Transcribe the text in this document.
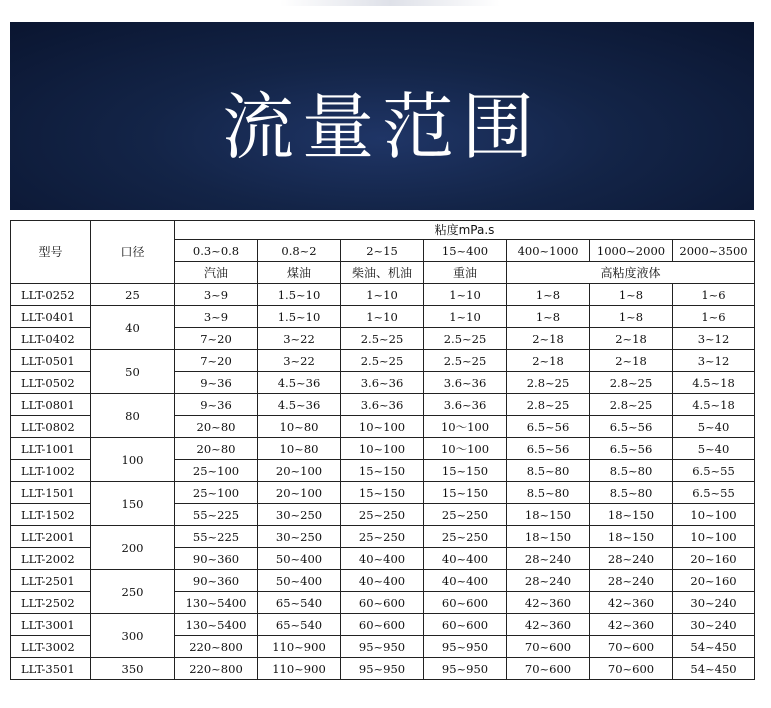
流量范围
型号	口径	粘度mPa.s						
		0.3~0.8	0.8~2	2~15	15~400	400~1000	1000~2000	2000~3500
		汽油	煤油	柴油、机油	重油	高粘度液体		
LLT-0252	25	3~9	1.5~10	1~10	1~10	1~8	1~8	1~6
LLT-0401	40	3~9	1.5~10	1~10	1~10	1~8	1~8	1~6
LLT-0402		7~20	3~22	2.5~25	2.5~25	2~18	2~18	3~12
LLT-0501	50	7~20	3~22	2.5~25	2.5~25	2~18	2~18	3~12
LLT-0502		9~36	4.5~36	3.6~36	3.6~36	2.8~25	2.8~25	4.5~18
LLT-0801	80	9~36	4.5~36	3.6~36	3.6~36	2.8~25	2.8~25	4.5~18
LLT-0802		20~80	10~80	10~100	10～100	6.5~56	6.5~56	5~40
LLT-1001	100	20~80	10~80	10~100	10～100	6.5~56	6.5~56	5~40
LLT-1002		25~100	20~100	15~150	15~150	8.5~80	8.5~80	6.5~55
LLT-1501	150	25~100	20~100	15~150	15~150	8.5~80	8.5~80	6.5~55
LLT-1502		55~225	30~250	25~250	25~250	18~150	18~150	10~100
LLT-2001	200	55~225	30~250	25~250	25~250	18~150	18~150	10~100
LLT-2002		90~360	50~400	40~400	40~400	28~240	28~240	20~160
LLT-2501	250	90~360	50~400	40~400	40~400	28~240	28~240	20~160
LLT-2502		130~5400	65~540	60~600	60~600	42~360	42~360	30~240
LLT-3001	300	130~5400	65~540	60~600	60~600	42~360	42~360	30~240
LLT-3002		220~800	110~900	95~950	95~950	70~600	70~600	54~450
LLT-3501	350	220~800	110~900	95~950	95~950	70~600	70~600	54~450
